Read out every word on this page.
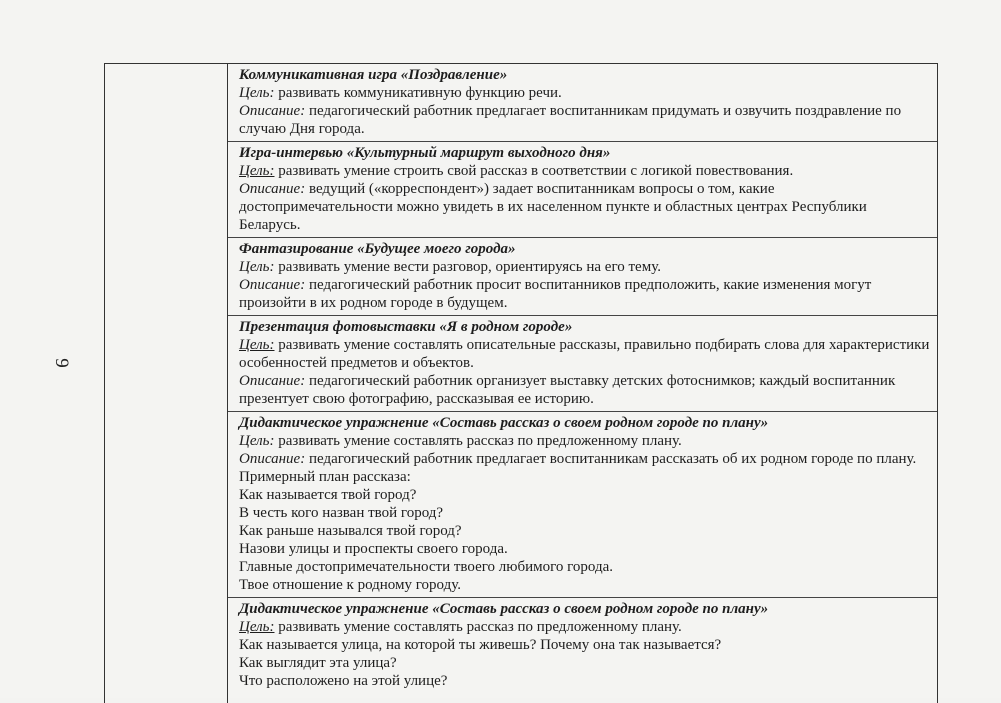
9
Коммуникативная игра «Поздравление»
Цель: развивать коммуникативную функцию речи.
Описание: педагогический работник предлагает воспитанникам придумать и озвучить поздравление по случаю Дня города.
Игра-интервью «Культурный маршрут выходного дня»
Цель: развивать умение строить свой рассказ в соответствии с логикой повествования.
Описание: ведущий («корреспондент») задает воспитанникам вопросы о том, какие достопримечательности можно увидеть в их населенном пункте и областных центрах Республики Беларусь.
Фантазирование «Будущее моего города»
Цель: развивать умение вести разговор, ориентируясь на его тему.
Описание: педагогический работник просит воспитанников предположить, какие изменения могут произойти в их родном городе в будущем.
Презентация фотовыставки «Я в родном городе»
Цель: развивать умение составлять описательные рассказы, правильно подбирать слова для характеристики особенностей предметов и объектов.
Описание: педагогический работник организует выставку детских фотоснимков; каждый воспитанник презентует свою фотографию, рассказывая ее историю.
Дидактическое упражнение «Составь рассказ о своем родном городе по плану»
Цель: развивать умение составлять рассказ по предложенному плану.
Описание: педагогический работник предлагает воспитанникам рассказать об их родном городе по плану. Примерный план рассказа:
Как называется твой город?
В честь кого назван твой город?
Как раньше назывался твой город?
Назови улицы и проспекты своего города.
Главные достопримечательности твоего любимого города.
Твое отношение к родному городу.
Дидактическое упражнение «Составь рассказ о своем родном городе по плану»
Цель: развивать умение составлять рассказ по предложенному плану.
Как называется улица, на которой ты живешь? Почему она так называется?
Как выглядит эта улица?
Что расположено на этой улице?
